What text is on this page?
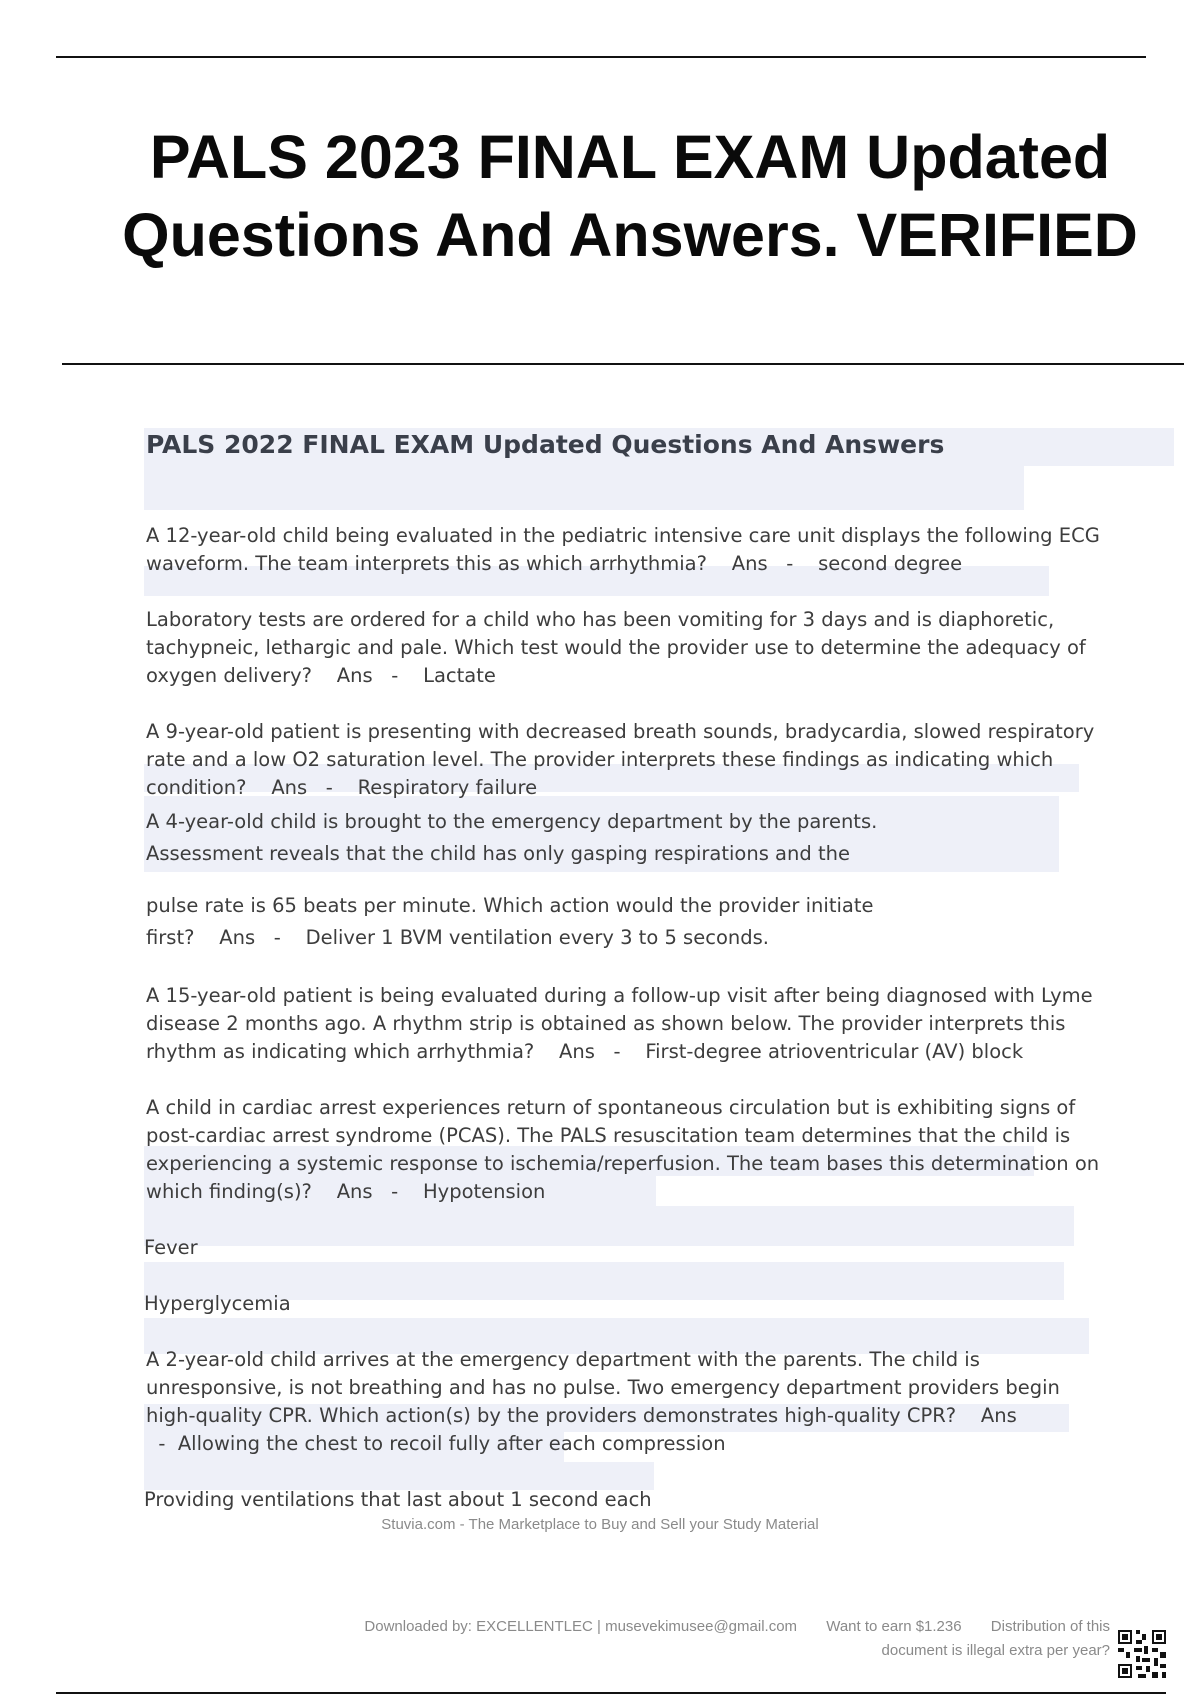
PALS 2023 FINAL EXAM Updated
Questions And Answers. VERIFIED
PALS 2022 FINAL EXAM Updated Questions And Answers
A 12-year-old child being evaluated in the pediatric intensive care unit displays the following ECG waveform. The team interprets this as which arrhythmia? Ans   -    second degree
Laboratory tests are ordered for a child who has been vomiting for 3 days and is diaphoretic, tachypneic, lethargic and pale. Which test would the provider use to determine the adequacy of oxygen delivery? Ans   -    Lactate
A 9-year-old patient is presenting with decreased breath sounds, bradycardia, slowed respiratory rate and a low O2 saturation level. The provider interprets these findings as indicating which condition? Ans   -    Respiratory failure
A 4-year-old child is brought to the emergency department by the parents.
Assessment reveals that the child has only gasping respirations and the
pulse rate is 65 beats per minute. Which action would the provider initiate
first? Ans   -    Deliver 1 BVM ventilation every 3 to 5 seconds.
A 15-year-old patient is being evaluated during a follow-up visit after being diagnosed with Lyme disease 2 months ago. A rhythm strip is obtained as shown below. The provider interprets this rhythm as indicating which arrhythmia? Ans   -    First-degree atrioventricular (AV) block
A child in cardiac arrest experiences return of spontaneous circulation but is exhibiting signs of post-cardiac arrest syndrome (PCAS). The PALS resuscitation team determines that the child is experiencing a systemic response to ischemia/reperfusion. The team bases this determination on which finding(s)? Ans   -    Hypotension
Fever
Hyperglycemia
A 2-year-old child arrives at the emergency department with the parents. The child is unresponsive, is not breathing and has no pulse. Two emergency department providers begin high-quality CPR. Which action(s) by the providers demonstrates high-quality CPR? Ans  -  Allowing the chest to recoil fully after each compression
Providing ventilations that last about 1 second each
Stuvia.com - The Marketplace to Buy and Sell your Study Material
Downloaded by: EXCELLENTLEC | musevekimusee@gmail.com Want to earn $1.236 Distribution of this
document is illegal extra per year?
